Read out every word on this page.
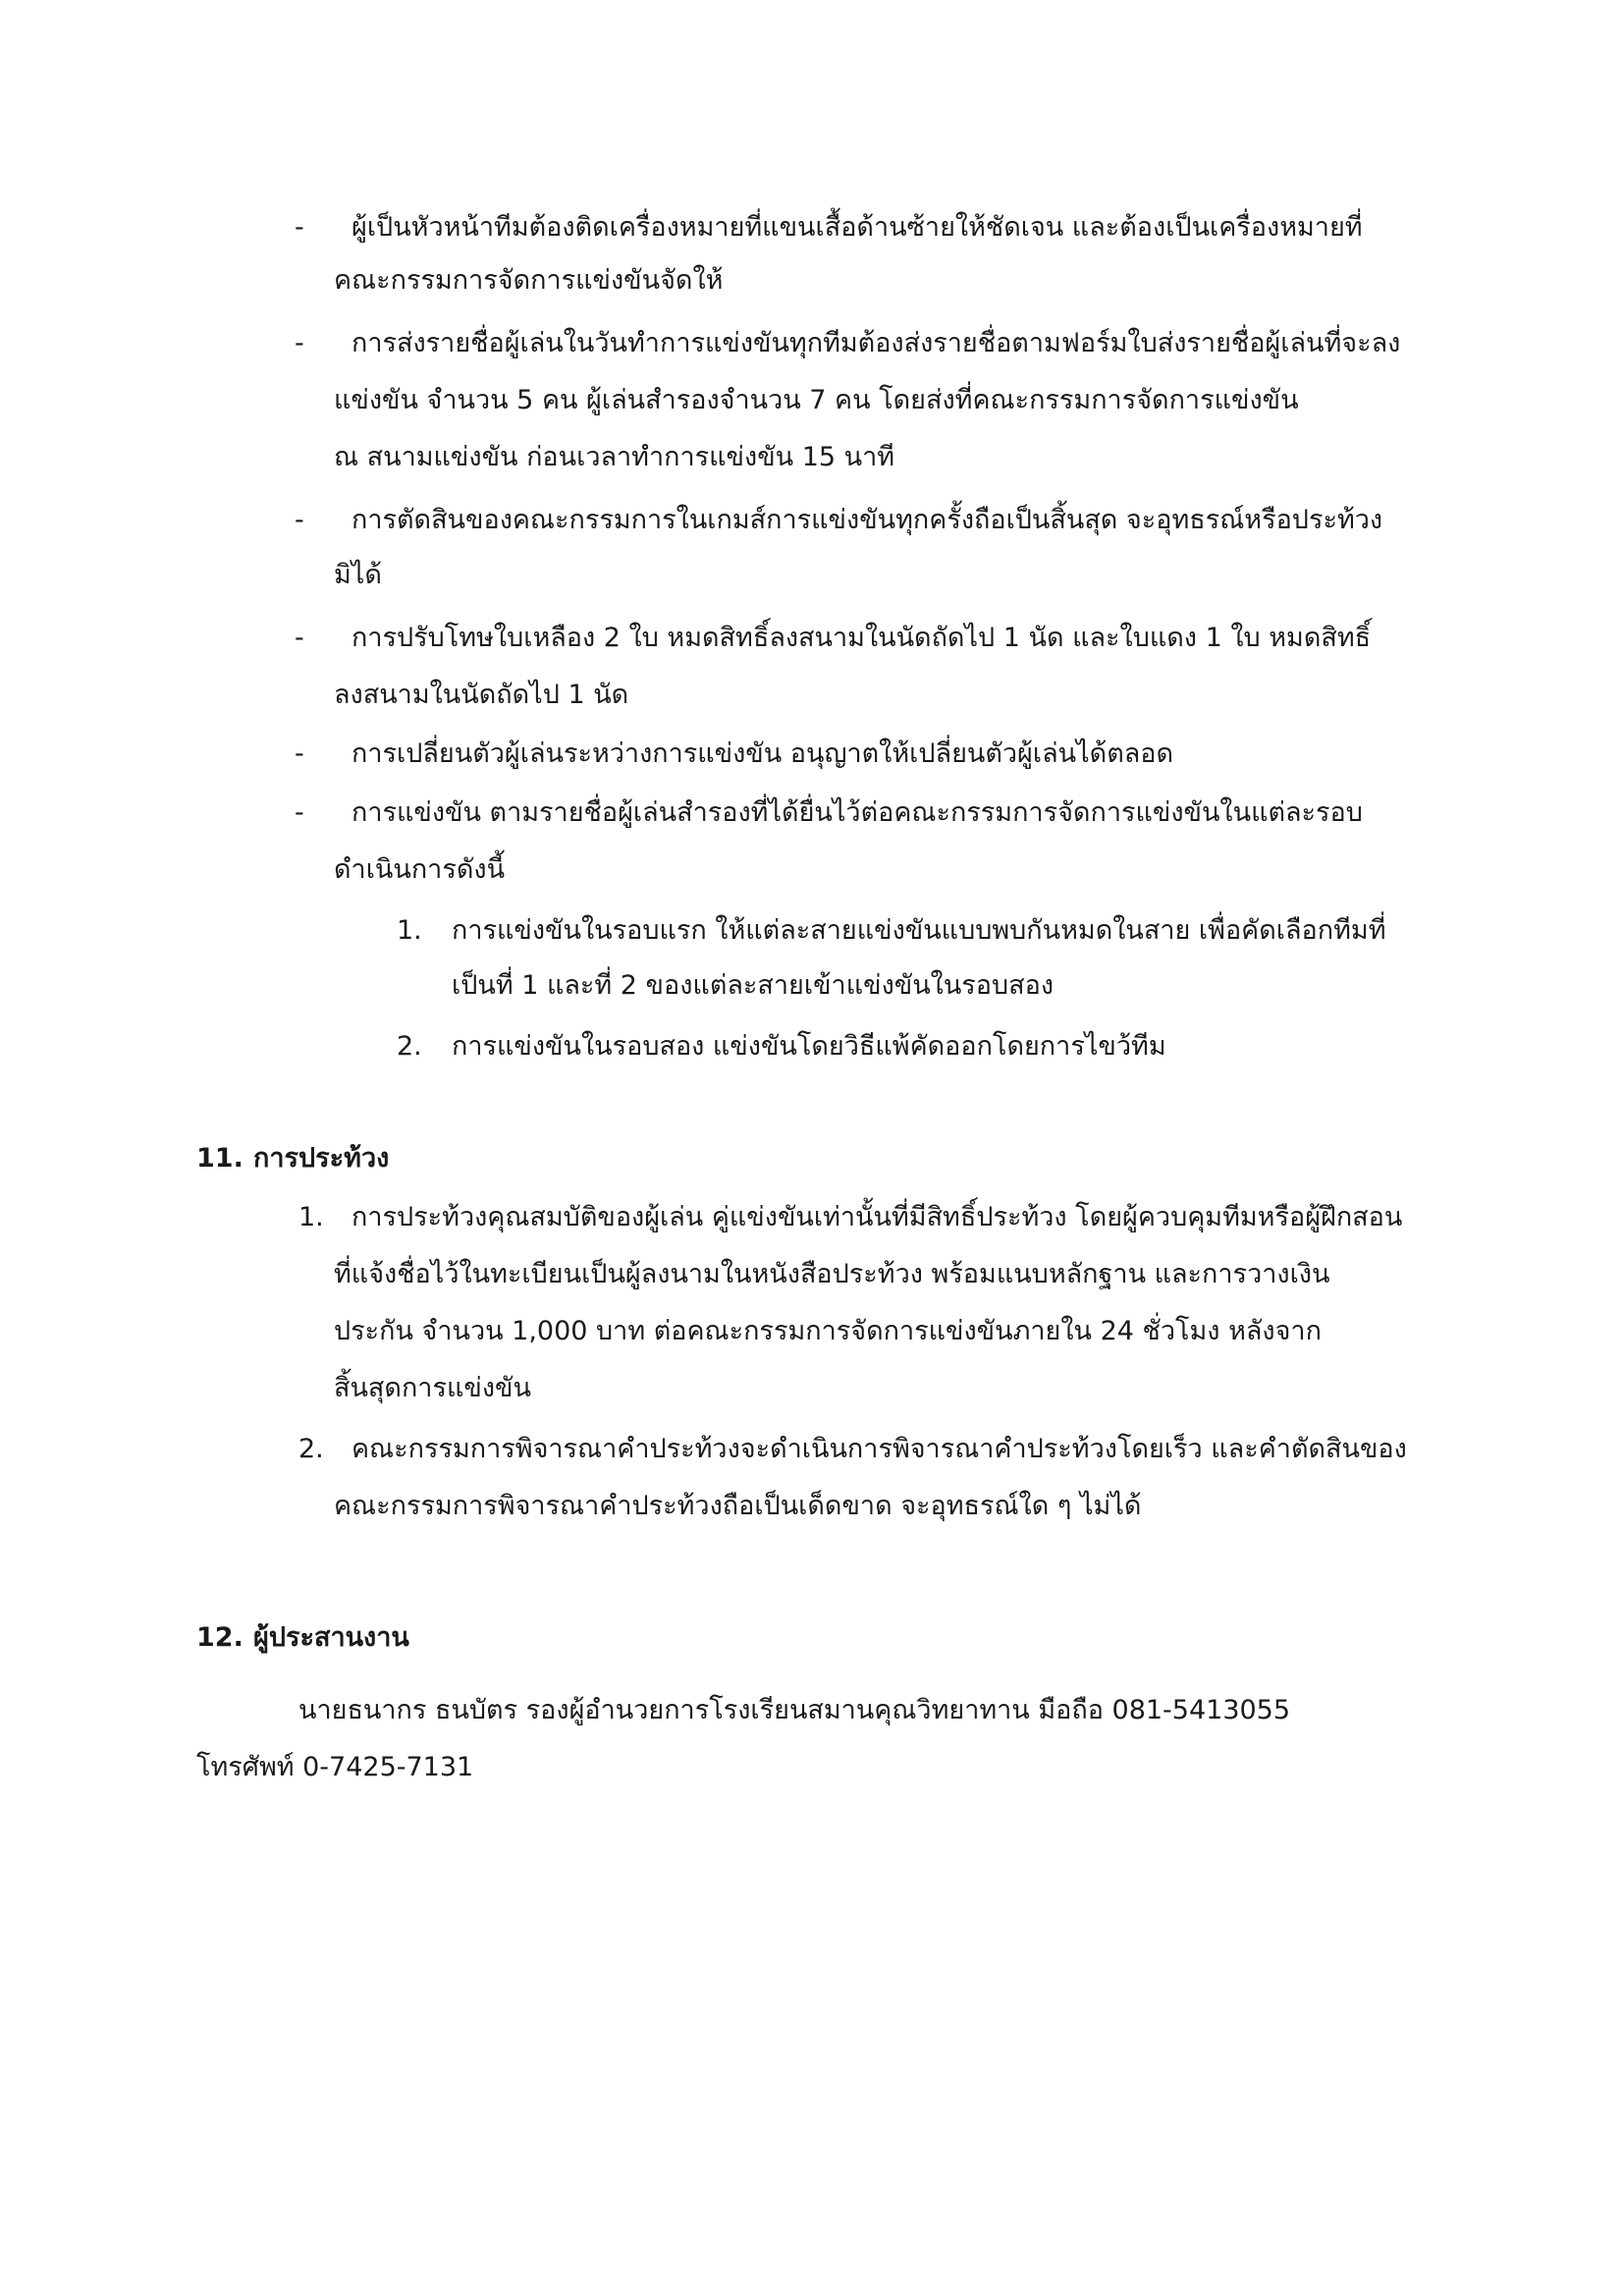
- ผู้เป็นหัวหน้าทีมต้องติดเครื่องหมายที่แขนเสื้อด้านซ้ายให้ชัดเจน และต้องเป็นเครื่องหมายที่
คณะกรรมการจัดการแข่งขันจัดให้
- การส่งรายชื่อผู้เล่นในวันทำการแข่งขันทุกทีมต้องส่งรายชื่อตามฟอร์มใบส่งรายชื่อผู้เล่นที่จะลง
แข่งขัน จำนวน 5 คน ผู้เล่นสำรองจำนวน 7 คน โดยส่งที่คณะกรรมการจัดการแข่งขัน
ณ สนามแข่งขัน ก่อนเวลาทำการแข่งขัน 15 นาที
- การตัดสินของคณะกรรมการในเกมส์การแข่งขันทุกครั้งถือเป็นสิ้นสุด จะอุทธรณ์หรือประท้วง
มิได้
- การปรับโทษใบเหลือง 2 ใบ หมดสิทธิ์ลงสนามในนัดถัดไป 1 นัด และใบแดง 1 ใบ หมดสิทธิ์
ลงสนามในนัดถัดไป 1 นัด
- การเปลี่ยนตัวผู้เล่นระหว่างการแข่งขัน อนุญาตให้เปลี่ยนตัวผู้เล่นได้ตลอด
- การแข่งขัน ตามรายชื่อผู้เล่นสำรองที่ได้ยื่นไว้ต่อคณะกรรมการจัดการแข่งขันในแต่ละรอบ
ดำเนินการดังนี้
1. การแข่งขันในรอบแรก ให้แต่ละสายแข่งขันแบบพบกันหมดในสาย เพื่อคัดเลือกทีมที่
เป็นที่ 1 และที่ 2 ของแต่ละสายเข้าแข่งขันในรอบสอง
2. การแข่งขันในรอบสอง แข่งขันโดยวิธีแพ้คัดออกโดยการไขว้ทีม
11. การประท้วง
1. การประท้วงคุณสมบัติของผู้เล่น คู่แข่งขันเท่านั้นที่มีสิทธิ์ประท้วง โดยผู้ควบคุมทีมหรือผู้ฝึกสอน
ที่แจ้งชื่อไว้ในทะเบียนเป็นผู้ลงนามในหนังสือประท้วง พร้อมแนบหลักฐาน และการวางเงิน
ประกัน จำนวน 1,000 บาท ต่อคณะกรรมการจัดการแข่งขันภายใน 24 ชั่วโมง หลังจาก
สิ้นสุดการแข่งขัน
2. คณะกรรมการพิจารณาคำประท้วงจะดำเนินการพิจารณาคำประท้วงโดยเร็ว และคำตัดสินของ
คณะกรรมการพิจารณาคำประท้วงถือเป็นเด็ดขาด จะอุทธรณ์ใด ๆ ไม่ได้
12. ผู้ประสานงาน
นายธนากร ธนบัตร รองผู้อำนวยการโรงเรียนสมานคุณวิทยาทาน มือถือ 081-5413055
โทรศัพท์ 0-7425-7131
